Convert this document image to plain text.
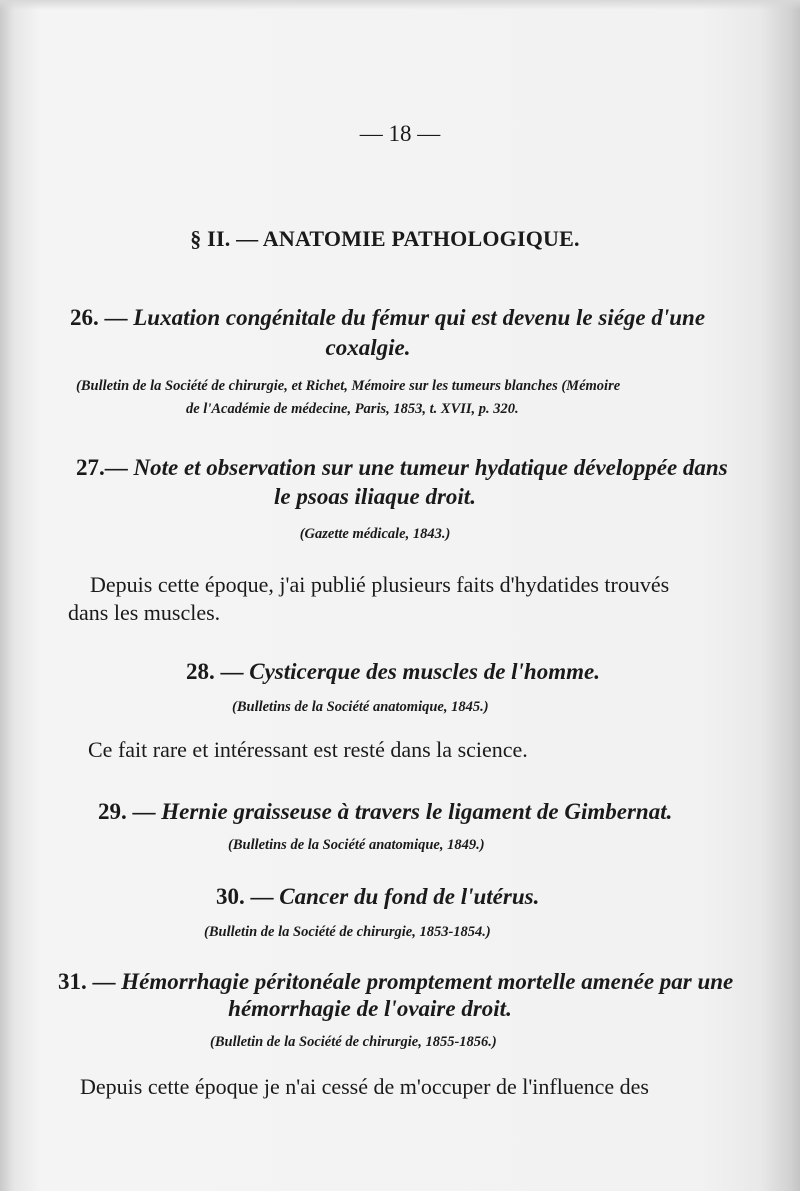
— 18 —
§ II. — ANATOMIE PATHOLOGIQUE.
26. — Luxation congénitale du fémur qui est devenu le siége d'une
coxalgie.
(Bulletin de la Société de chirurgie, et Richet, Mémoire sur les tumeurs blanches (Mémoire
de l'Académie de médecine, Paris, 1853, t. XVII, p. 320.
27.— Note et observation sur une tumeur hydatique développée dans
le psoas iliaque droit.
(Gazette médicale, 1843.)
Depuis cette époque, j'ai publié plusieurs faits d'hydatides trouvés
dans les muscles.
28. — Cysticerque des muscles de l'homme.
(Bulletins de la Société anatomique, 1845.)
Ce fait rare et intéressant est resté dans la science.
29. — Hernie graisseuse à travers le ligament de Gimbernat.
(Bulletins de la Société anatomique, 1849.)
30. — Cancer du fond de l'utérus.
(Bulletin de la Société de chirurgie, 1853-1854.)
31. — Hémorrhagie péritonéale promptement mortelle amenée par une
hémorrhagie de l'ovaire droit.
(Bulletin de la Société de chirurgie, 1855-1856.)
Depuis cette époque je n'ai cessé de m'occuper de l'influence des
